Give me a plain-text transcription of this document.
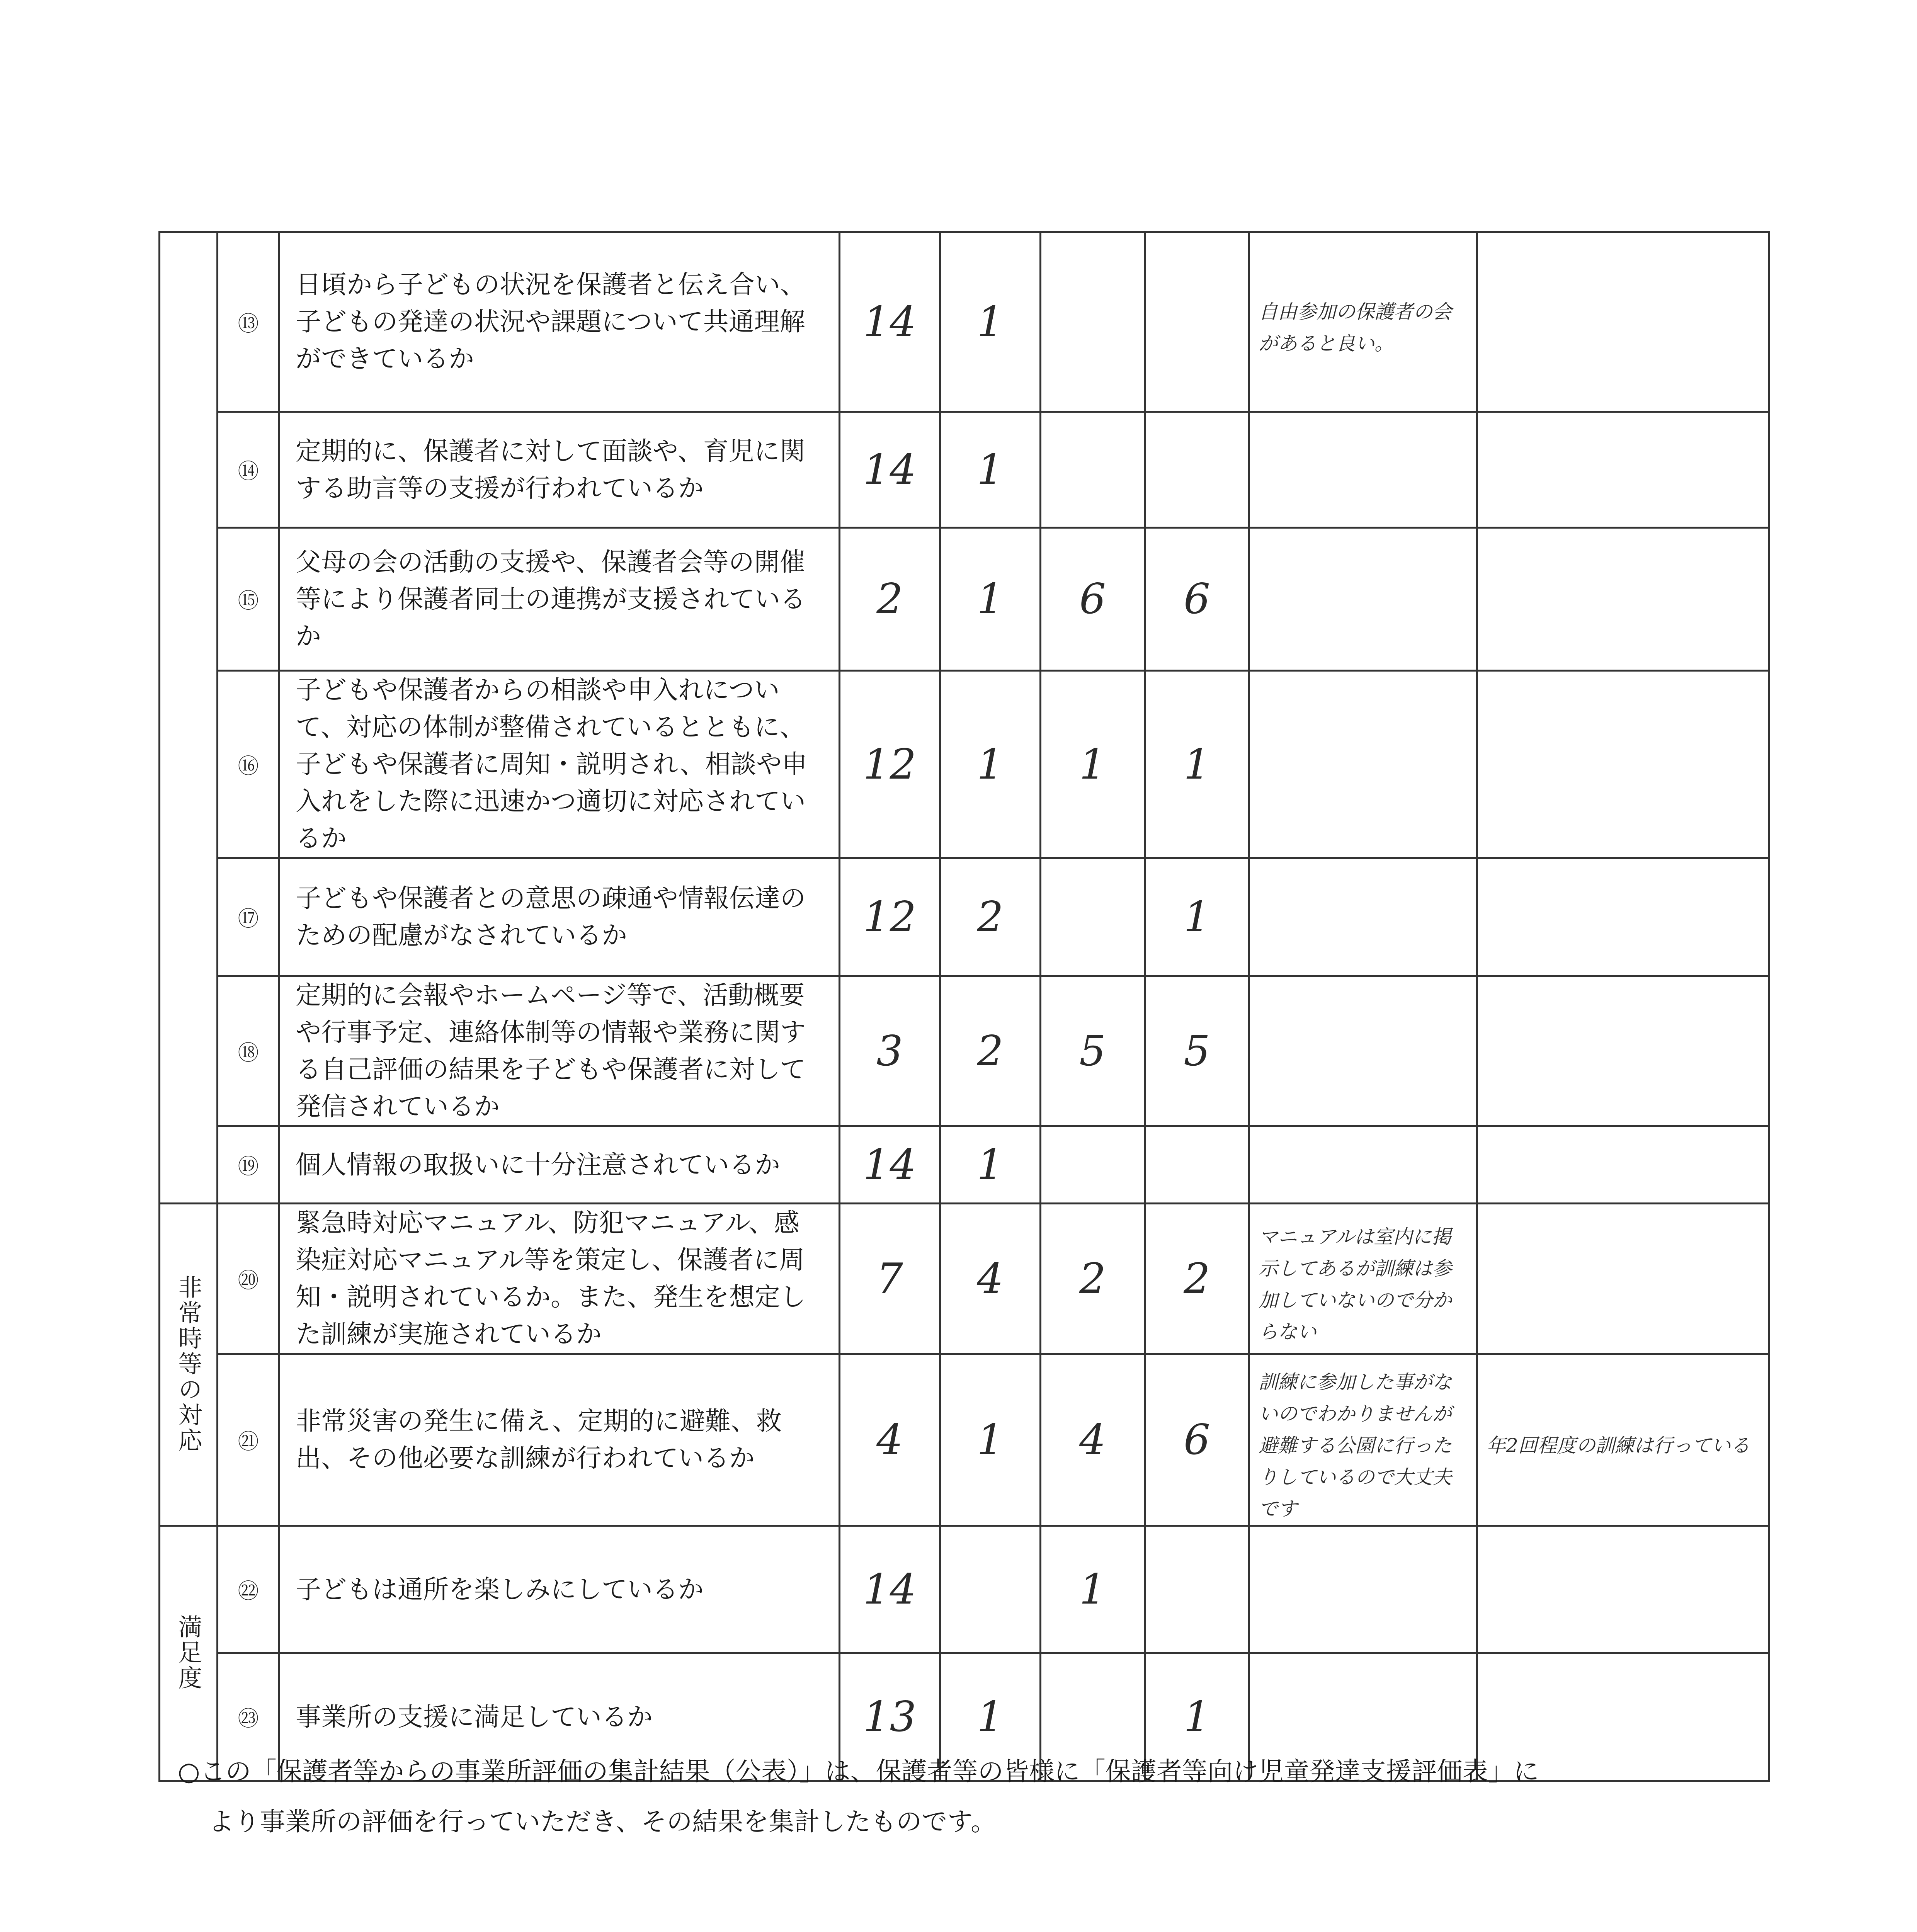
	⑬	日頃から子どもの状況を保護者と伝え合い、子どもの発達の状況や課題について共通理解ができているか	14	1			自由参加の保護者の会があると良い。	

	⑭	定期的に、保護者に対して面談や、育児に関する助言等の支援が行われているか	14	1			

	⑮	父母の会の活動の支援や、保護者会等の開催等により保護者同士の連携が支援されているか	2	1	6	6	

	⑯	子どもや保護者からの相談や申入れについて、対応の体制が整備されているとともに、子どもや保護者に周知・説明され、相談や申入れをした際に迅速かつ適切に対応されているか	12	1	1	1	

	⑰	子どもや保護者との意思の疎通や情報伝達のための配慮がなされているか	12	2		1	

	⑱	定期的に会報やホームページ等で、活動概要や行事予定、連絡体制等の情報や業務に関する自己評価の結果を子どもや保護者に対して発信されているか	3	2	5	5	

	⑲	個人情報の取扱いに十分注意されているか	14	1			

非常時等の対応	⑳	緊急時対応マニュアル、防犯マニュアル、感染症対応マニュアル等を策定し、保護者に周知・説明されているか。また、発生を想定した訓練が実施されているか	7	4	2	2	マニュアルは室内に掲示してあるが訓練は参加していないので分からない	

	㉑	非常災害の発生に備え、定期的に避難、救出、その他必要な訓練が行われているか	4	1	4	6	訓練に参加した事がないのでわかりませんが避難する公園に行ったりしているので大丈夫です	年2回程度の訓練は行っている

満足度	㉒	子どもは通所を楽しみにしているか	14		1		

	㉓	事業所の支援に満足しているか	13	1		1	

○この「保護者等からの事業所評価の集計結果（公表）」は、保護者等の皆様に「保護者等向け児童発達支援評価表」に
より事業所の評価を行っていただき、その結果を集計したものです。
